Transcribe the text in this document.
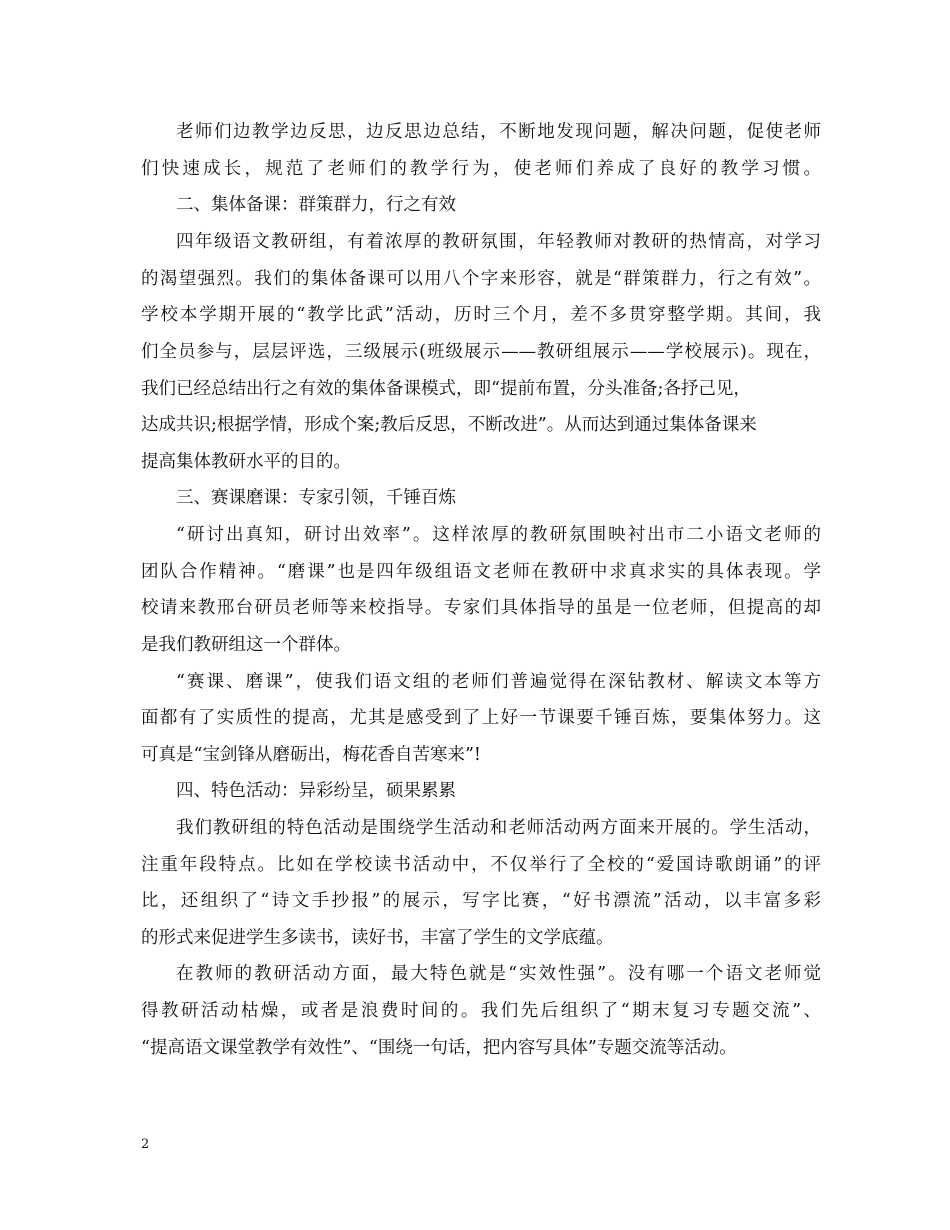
老师们边教学边反思，边反思边总结，不断地发现问题，解决问题，促使老师
们快速成长，规范了老师们的教学行为，使老师们养成了良好的教学习惯。
二、集体备课：群策群力，行之有效
四年级语文教研组，有着浓厚的教研氛围，年轻教师对教研的热情高，对学习
的渴望强烈。我们的集体备课可以用八个字来形容，就是“群策群力，行之有效”。
学校本学期开展的“教学比武”活动，历时三个月，差不多贯穿整学期。其间，我
们全员参与，层层评选，三级展示(班级展示——教研组展示——学校展示)。现在，
我们已经总结出行之有效的集体备课模式，即“提前布置，分头准备;各抒己见，
达成共识;根据学情，形成个案;教后反思，不断改进”。从而达到通过集体备课来
提高集体教研水平的目的。
三、赛课磨课：专家引领，千锤百炼
“研讨出真知，研讨出效率”。这样浓厚的教研氛围映衬出市二小语文老师的
团队合作精神。“磨课”也是四年级组语文老师在教研中求真求实的具体表现。学
校请来教邢台研员老师等来校指导。专家们具体指导的虽是一位老师，但提高的却
是我们教研组这一个群体。
“赛课、磨课”，使我们语文组的老师们普遍觉得在深钻教材、解读文本等方
面都有了实质性的提高，尤其是感受到了上好一节课要千锤百炼，要集体努力。这
可真是“宝剑锋从磨砺出，梅花香自苦寒来”!
四、特色活动：异彩纷呈，硕果累累
我们教研组的特色活动是围绕学生活动和老师活动两方面来开展的。学生活动，
注重年段特点。比如在学校读书活动中，不仅举行了全校的“爱国诗歌朗诵”的评
比，还组织了“诗文手抄报”的展示，写字比赛，“好书漂流”活动，以丰富多彩
的形式来促进学生多读书，读好书，丰富了学生的文学底蕴。
在教师的教研活动方面，最大特色就是“实效性强”。没有哪一个语文老师觉
得教研活动枯燥，或者是浪费时间的。我们先后组织了“期末复习专题交流”、
“提高语文课堂教学有效性”、“围绕一句话，把内容写具体”专题交流等活动。
2
